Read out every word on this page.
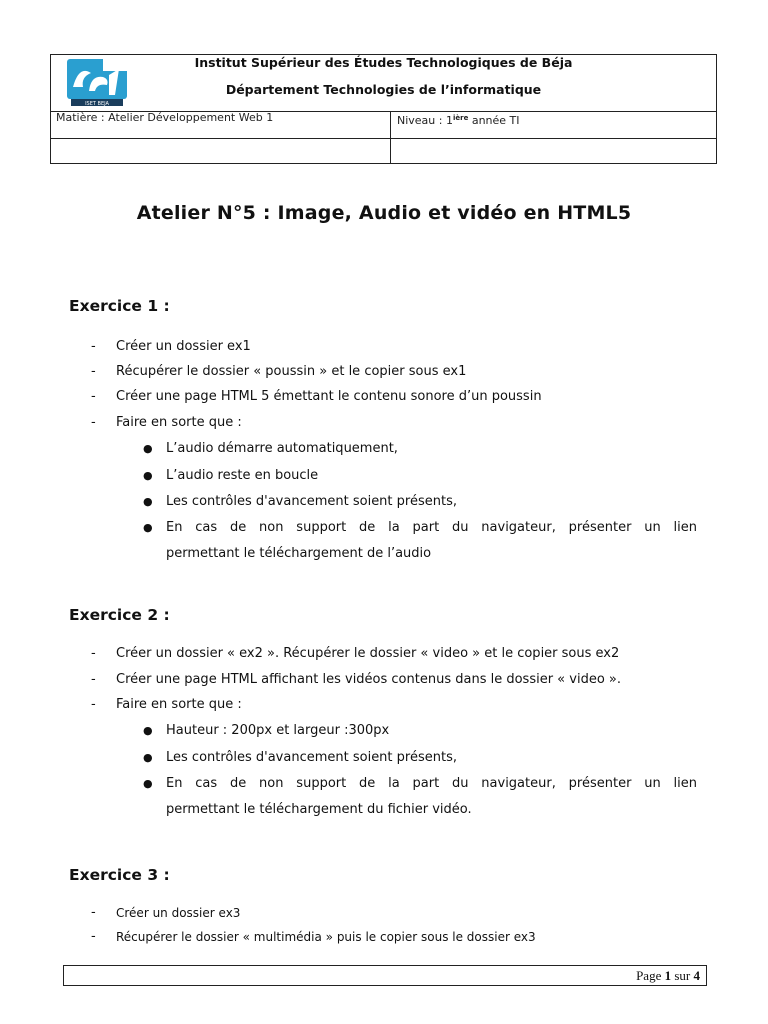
ISET BEJA
Institut Supérieur des Études Technologiques de Béja
Département Technologies de l’informatique
Matière : Atelier Développement Web 1	Niveau : $1^{ière}$ année TI
Atelier N°5 : Image, Audio et vidéo en HTML5
Exercice 1 :
- Créer un dossier ex1
- Récupérer le dossier « poussin » et le copier sous ex1
- Créer une page HTML 5 émettant le contenu sonore d’un poussin
- Faire en sorte que :
● L’audio démarre automatiquement,
● L’audio reste en boucle
● Les contrôles d'avancement soient présents,
● En cas de non support de la part du navigateur, présenter un lien
permettant le téléchargement de l’audio
Exercice 2 :
- Créer un dossier « ex2 ». Récupérer le dossier « video » et le copier sous ex2
- Créer une page HTML affichant les vidéos contenus dans le dossier « video ».
- Faire en sorte que :
● Hauteur : 200px et largeur :300px
● Les contrôles d'avancement soient présents,
● En cas de non support de la part du navigateur, présenter un lien
permettant le téléchargement du fichier vidéo.
Exercice 3 :
- Créer un dossier ex3
- Récupérer le dossier « multimédia » puis le copier sous le dossier ex3
Page 1 sur 4
